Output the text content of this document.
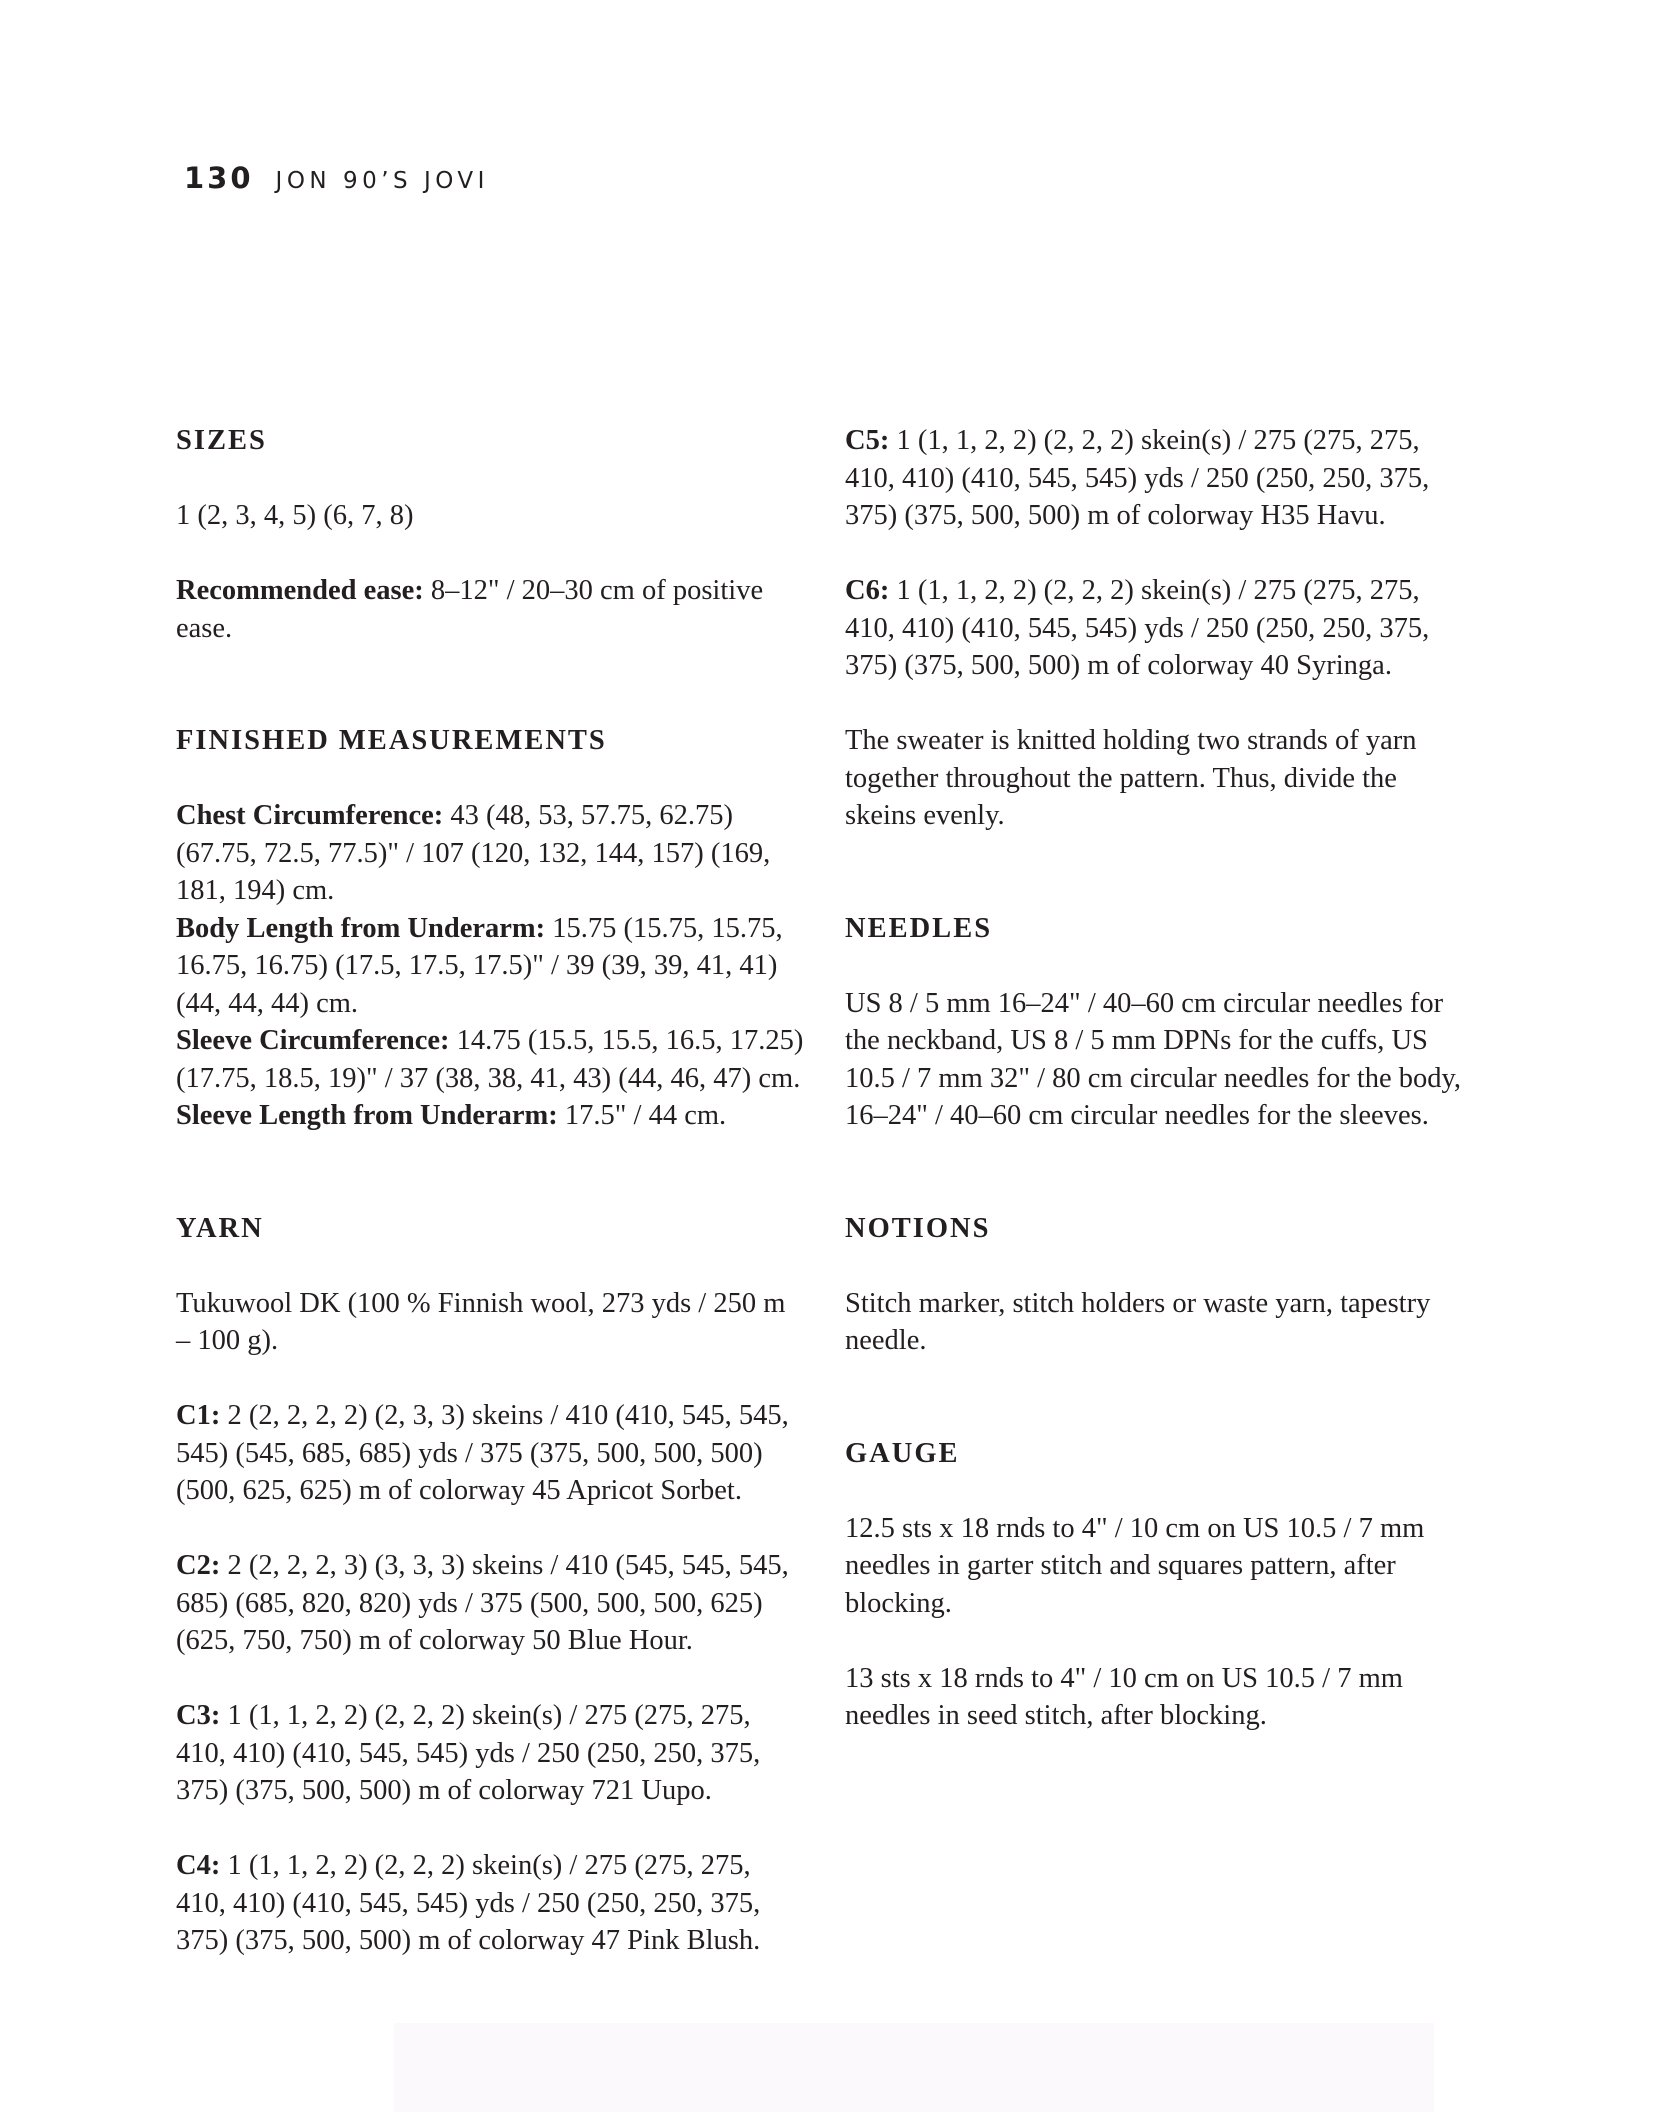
130 JON 90’S JOVI

SIZES

1 (2, 3, 4, 5) (6, 7, 8)

Recommended ease: 8–12" / 20–30 cm of positive ease.

FINISHED MEASUREMENTS

Chest Circumference: 43 (48, 53, 57.75, 62.75) (67.75, 72.5, 77.5)" / 107 (120, 132, 144, 157) (169, 181, 194) cm.

Body Length from Underarm: 15.75 (15.75, 15.75, 16.75, 16.75) (17.5, 17.5, 17.5)" / 39 (39, 39, 41, 41) (44, 44, 44) cm.

Sleeve Circumference: 14.75 (15.5, 15.5, 16.5, 17.25) (17.75, 18.5, 19)" / 37 (38, 38, 41, 43) (44, 46, 47) cm.

Sleeve Length from Underarm: 17.5" / 44 cm.

YARN

Tukuwool DK (100 % Finnish wool, 273 yds / 250 m – 100 g).

C1: 2 (2, 2, 2, 2) (2, 3, 3) skeins / 410 (410, 545, 545, 545) (545, 685, 685) yds / 375 (375, 500, 500, 500) (500, 625, 625) m of colorway 45 Apricot Sorbet.

C2: 2 (2, 2, 2, 3) (3, 3, 3) skeins / 410 (545, 545, 545, 685) (685, 820, 820) yds / 375 (500, 500, 500, 625) (625, 750, 750) m of colorway 50 Blue Hour.

C3: 1 (1, 1, 2, 2) (2, 2, 2) skein(s) / 275 (275, 275, 410, 410) (410, 545, 545) yds / 250 (250, 250, 375, 375) (375, 500, 500) m of colorway 721 Uupo.

C4: 1 (1, 1, 2, 2) (2, 2, 2) skein(s) / 275 (275, 275, 410, 410) (410, 545, 545) yds / 250 (250, 250, 375, 375) (375, 500, 500) m of colorway 47 Pink Blush.

C5: 1 (1, 1, 2, 2) (2, 2, 2) skein(s) / 275 (275, 275, 410, 410) (410, 545, 545) yds / 250 (250, 250, 375, 375) (375, 500, 500) m of colorway H35 Havu.

C6: 1 (1, 1, 2, 2) (2, 2, 2) skein(s) / 275 (275, 275, 410, 410) (410, 545, 545) yds / 250 (250, 250, 375, 375) (375, 500, 500) m of colorway 40 Syringa.

The sweater is knitted holding two strands of yarn together throughout the pattern. Thus, divide the skeins evenly.

NEEDLES

US 8 / 5 mm 16–24" / 40–60 cm circular needles for the neckband, US 8 / 5 mm DPNs for the cuffs, US 10.5 / 7 mm 32" / 80 cm circular needles for the body, 16–24" / 40–60 cm circular needles for the sleeves.

NOTIONS

Stitch marker, stitch holders or waste yarn, tapestry needle.

GAUGE

12.5 sts x 18 rnds to 4" / 10 cm on US 10.5 / 7 mm needles in garter stitch and squares pattern, after blocking.

13 sts x 18 rnds to 4" / 10 cm on US 10.5 / 7 mm needles in seed stitch, after blocking.
